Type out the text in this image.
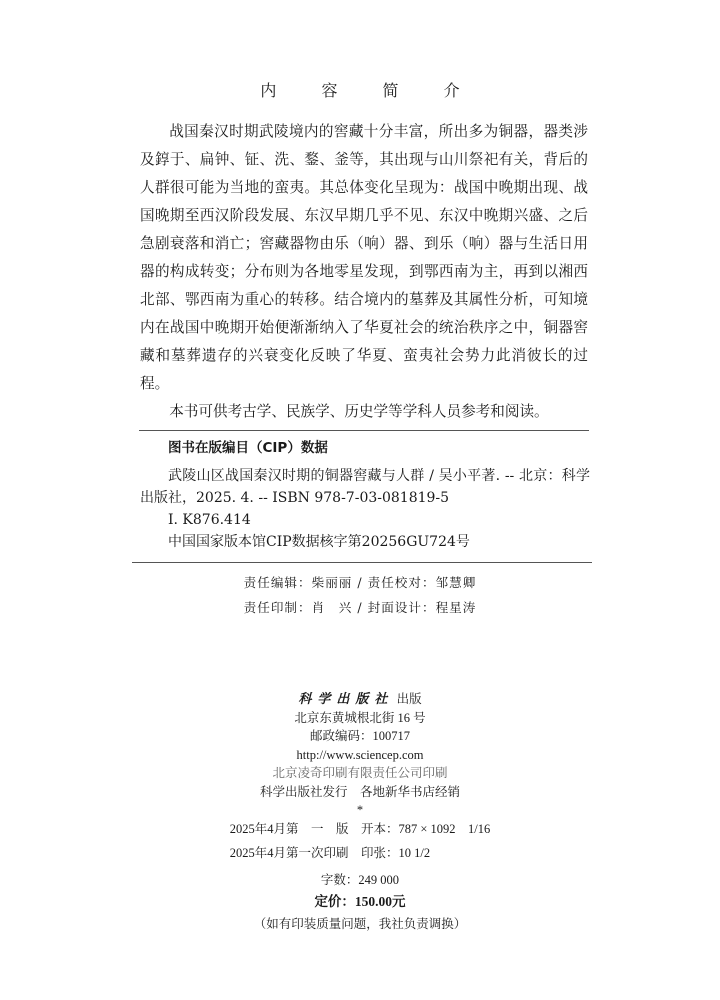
内 容 简 介

战国秦汉时期武陵境内的窖藏十分丰富，所出多为铜器，器类涉及錞于、扁钟、钲、洗、鍪、釜等，其出现与山川祭祀有关，背后的人群很可能为当地的蛮夷。其总体变化呈现为：战国中晚期出现、战国晚期至西汉阶段发展、东汉早期几乎不见、东汉中晚期兴盛、之后急剧衰落和消亡；窖藏器物由乐（响）器、到乐（响）器与生活日用器的构成转变；分布则为各地零星发现，到鄂西南为主，再到以湘西北部、鄂西南为重心的转移。结合境内的墓葬及其属性分析，可知境内在战国中晚期开始便渐渐纳入了华夏社会的统治秩序之中，铜器窖藏和墓葬遗存的兴衰变化反映了华夏、蛮夷社会势力此消彼长的过程。

本书可供考古学、民族学、历史学等学科人员参考和阅读。

图书在版编目（CIP）数据

武陵山区战国秦汉时期的铜器窖藏与人群 / 吴小平著. -- 北京：科学出版社，2025. 4. -- ISBN 978-7-03-081819-5

Ⅰ. K876.414
中国国家版本馆CIP数据核字第20256GU724号
责任编辑：柴丽丽 / 责任校对：邹慧卿
责任印制：肖　兴 / 封面设计：程星涛
科学出版社 出版
北京东黄城根北街 16 号
邮政编码：100717
http://www.sciencep.com
北京凌奇印刷有限责任公司印刷
科学出版社发行　各地新华书店经销
*
2025年4月第　一　版　开本：787 × 1092　1/16
2025年4月第一次印刷　印张：10 1/2
字数：249 000
定价：150.00元
（如有印装质量问题，我社负责调换）
